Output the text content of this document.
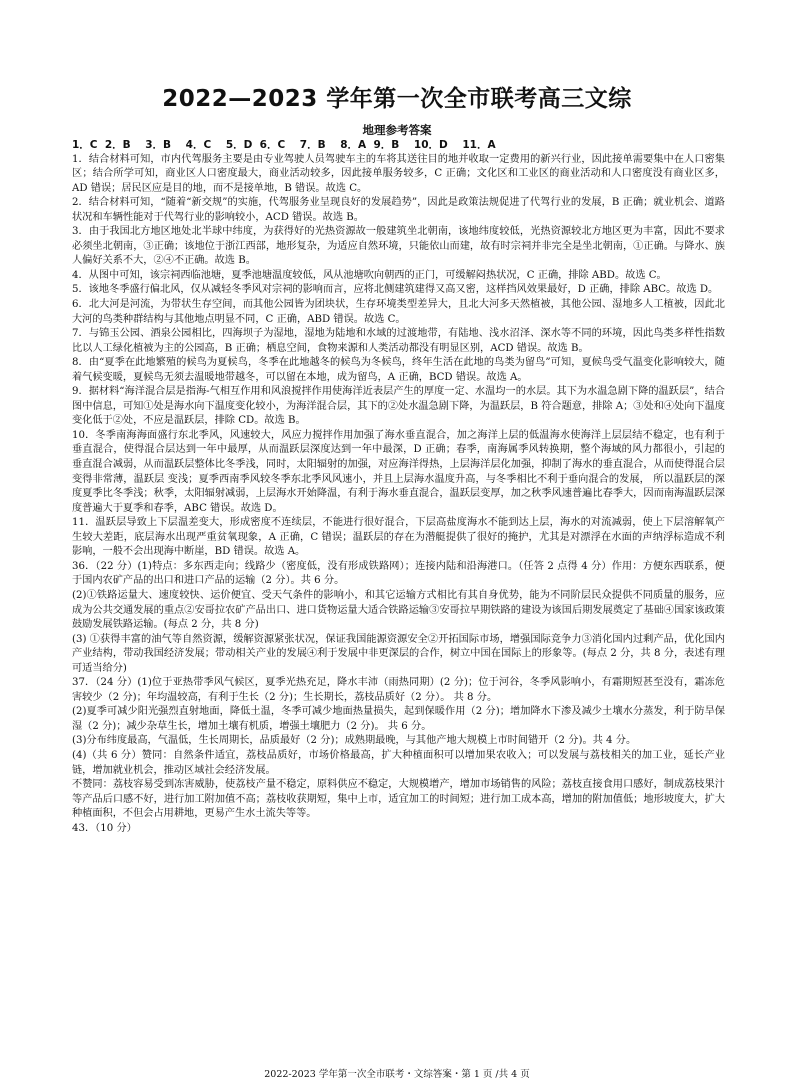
2022—2023 学年第一次全市联考高三文综
地理参考答案

1．C  2．B    3．B    4．C    5．D  6．C    7．B    8．A  9．B    10．D    11．A

1．结合材料可知，市内代驾服务主要是由专业驾驶人员驾驶车主的车将其送往目的地并收取一定费用的新兴行业，因此接单需要集中在人口密集区；结合所学可知，商业区人口密度最大，商业活动较多，因此接单服务较多，C 正确；文化区和工业区的商业活动和人口密度没有商业区多，AD 错误；居民区应是目的地，而不是接单地，B 错误。故选 C。

2．结合材料可知，“随着“新交规”的实施，代驾服务业呈现良好的发展趋势”，因此是政策法规促进了代驾行业的发展，B 正确；就业机会、道路状况和车辆性能对于代驾行业的影响较小，ACD 错误。故选 B。

3．由于我国北方地区地处北半球中纬度，为获得好的光热资源故一般建筑坐北朝南，该地纬度较低，光热资源较北方地区更为丰富，因此不要求必须坐北朝南，③正确；该地位于浙江西部，地形复杂，为适应自然环境，只能依山而建，故有时宗祠并非完全是坐北朝南，①正确。与降水、族人偏好关系不大，②④不正确。故选 B。

4．从图中可知，该宗祠西临池塘，夏季池塘温度较低，风从池塘吹向朝西的正门，可缓解闷热状况，C 正确，排除 ABD。故选 C。

5．该地冬季盛行偏北风，仅从减轻冬季风对宗祠的影响而言，应将北侧建筑建得又高又密，这样挡风效果最好，D 正确，排除 ABC。故选 D。

6．北大河是河流，为带状生存空间，而其他公园皆为团块状，生存环境类型差异大，且北大河多天然植被，其他公园、湿地多人工植被，因此北大河的鸟类种群结构与其他地点明显不同，C 正确，ABD 错误。故选 C。

7．与锦玉公园、酒泉公园相比，四海坝子为湿地，湿地为陆地和水域的过渡地带，有陆地、浅水沼泽、深水等不同的环境，因此鸟类多样性指数比以人工绿化植被为主的公园高，B 正确；栖息空间，食物来源和人类活动都没有明显区别，ACD 错误。故选 B。

8．由“夏季在此地繁殖的候鸟为夏候鸟，冬季在此地越冬的候鸟为冬候鸟，终年生活在此地的鸟类为留鸟”可知，夏候鸟受气温变化影响较大，随着气候变暖，夏候鸟无须去温暖地带越冬，可以留在本地，成为留鸟，A 正确，BCD 错误。故选 A。

9．据材料“海洋混合层是指海-气相互作用和风浪搅拌作用使海洋近表层产生的厚度一定、水温均一的水层。其下为水温急剧下降的温跃层”，结合图中信息，可知①处是海水向下温度变化较小，为海洋混合层，其下的②处水温急剧下降，为温跃层，B 符合题意，排除 A；③处和④处向下温度变化低于②处，不应是温跃层，排除 CD。故选 B。

10．冬季南海海面盛行东北季风，风速较大，风应力搅拌作用加强了海水垂直混合，加之海洋上层的低温海水使海洋上层层结不稳定，也有利于垂直混合，使得混合层达到一年中最厚，从而温跃层深度达到一年中最深，D 正确；春季，南海属季风转换期，整个海域的风力都很小，引起的垂直混合减弱，从而温跃层整体比冬季浅，同时，太阳辐射的加强，对应海洋得热，上层海洋层化加强，抑制了海水的垂直混合，从而使得混合层变得非常薄，温跃层 变浅；夏季西南季风较冬季东北季风风速小，并且上层海水温度升高，与冬季相比不利于垂向混合的发展， 所以温跃层的深度夏季比冬季浅；秋季，太阳辐射减弱，上层海水开始降温，有利于海水垂直混合，温跃层变厚，加之秋季风速普遍比春季大，因而南海温跃层深度普遍大于夏季和春季，ABC 错误。故选 D。

11．温跃层导致上下层温差变大，形成密度不连续层，不能进行很好混合，下层高盐度海水不能到达上层，海水的对流减弱，使上下层溶解氧产生较大差距，底层海水出现严重贫氧现象，A 正确，C 错误；温跃层的存在为潜艇提供了很好的掩护，尤其是对漂浮在水面的声纳浮标造成不利影响，一般不会出现海中断崖，BD 错误。故选 A。

36．（22 分）(1)特点：多东西走向；线路少（密度低，没有形成铁路网）；连接内陆和沿海港口。（任答 2 点得 4 分）作用：方便东西联系，便于国内农矿产品的出口和进口产品的运输（2 分）。共 6 分。

(2)①铁路运量大、速度较快、运价便宜、受天气条件的影响小，和其它运输方式相比有其自身优势，能为不同阶层民众提供不同质量的服务，应成为公共交通发展的重点②安哥拉农矿产品出口、进口货物运量大适合铁路运输③安哥拉早期铁路的建设为该国后期发展奠定了基础④国家该政策鼓励发展铁路运输。(每点 2 分，共 8 分)

(3) ①获得丰富的油气等自然资源，缓解资源紧张状况，保证我国能源资源安全②开拓国际市场，增强国际竞争力③消化国内过剩产品，优化国内产业结构，带动我国经济发展；带动相关产业的发展④利于发展中非更深层的合作，树立中国在国际上的形象等。(每点 2 分，共 8 分，表述有理可适当给分)

37．（24 分）(1)位于亚热带季风气候区，夏季光热充足，降水丰沛（雨热同期）(2 分)；位于河谷，冬季风影响小，有霜期短甚至没有，霜冻危害较少（2 分)；年均温较高，有利于生长（2 分)；生长期长，荔枝品质好（2 分）。 共 8 分。

(2)夏季可减少阳光强烈直射地面，降低土温，冬季可减少地面热量损失，起到保暖作用（2 分)；增加降水下渗及减少土壤水分蒸发，利于防旱保湿（2 分)；减少杂草生长，增加土壤有机质，增强土壤肥力（2 分)。 共 6 分。

(3)分布纬度最高，气温低，生长周期长，品质最好（2 分)；成熟期最晚，与其他产地大规模上市时间错开（2 分)。共 4 分。

(4)（共 6 分）赞同：自然条件适宜，荔枝品质好，市场价格最高，扩大种植面积可以增加果农收入；可以发展与荔枝相关的加工业，延长产业链，增加就业机会，推动区域社会经济发展。

不赞同：荔枝容易受到冻害威胁，使荔枝产量不稳定，原料供应不稳定，大规模增产，增加市场销售的风险；荔枝直接食用口感好，制成荔枝果汁等产品后口感不好，进行加工附加值不高；荔枝收获期短，集中上市，适宜加工的时间短；进行加工成本高，增加的附加值低；地形坡度大，扩大种植面积，不但会占用耕地，更易产生水土流失等等。

43．（10 分）

2022-2023 学年第一次全市联考・文综答案・第 1 页 /共 4 页
